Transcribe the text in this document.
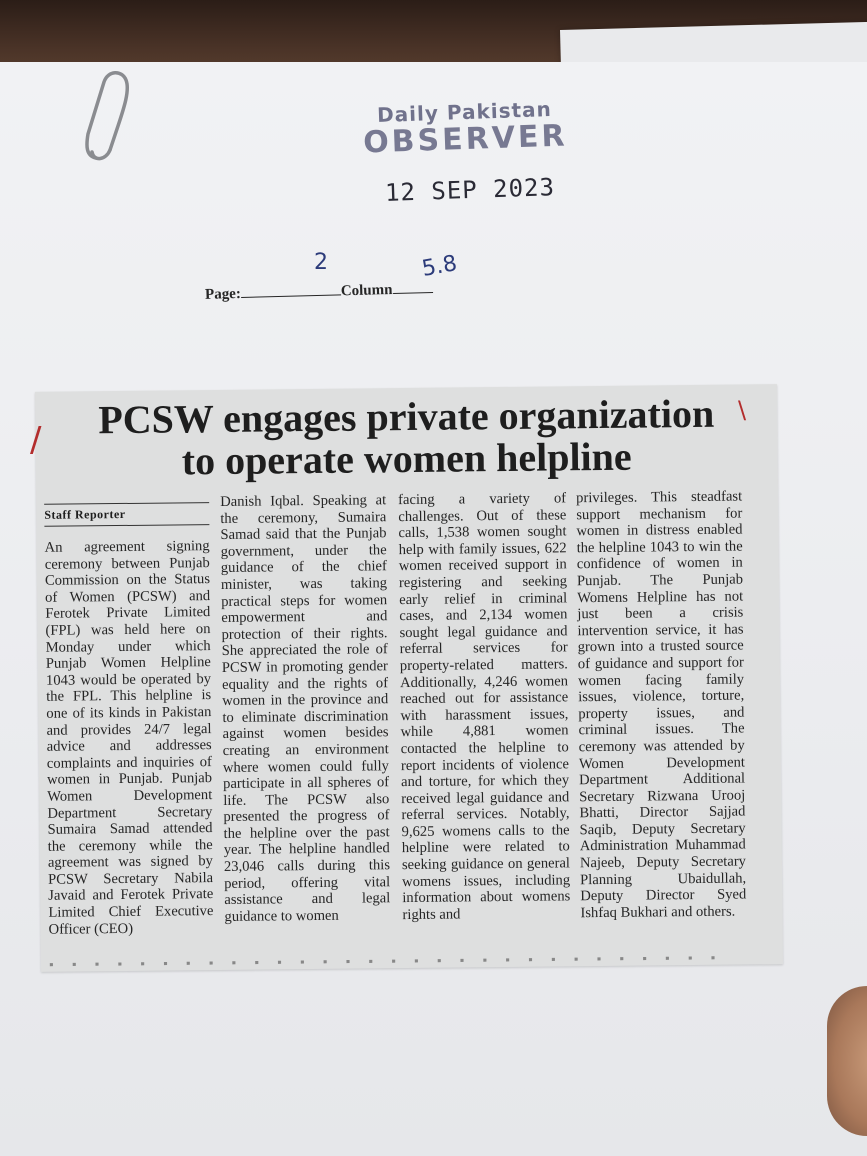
Daily Pakistan
OBSERVER
12 SEP 2023
Page:	Column
2	5.8
PCSW engages private organization
to operate women helpline
Staff Reporter
An agreement signing ceremony between Punjab Commission on the Status of Women (PCSW) and Ferotek Private Limited (FPL) was held here on Monday under which Punjab Women Helpline 1043 would be operated by the FPL. This helpline is one of its kinds in Pakistan and provides 24/7 legal advice and addresses complaints and inquiries of women in Punjab. Punjab Women Development Department Secretary Sumaira Samad attended the ceremony while the agreement was signed by PCSW Secretary Nabila Javaid and Ferotek Private Limited Chief Executive Officer (CEO)
Danish Iqbal. Speaking at the ceremony, Sumaira Samad said that the Punjab government, under the guidance of the chief minister, was taking practical steps for women empowerment and protection of their rights. She appreciated the role of PCSW in promoting gender equality and the rights of women in the province and to eliminate discrimination against women besides creating an environment where women could fully participate in all spheres of life. The PCSW also presented the progress of the helpline over the past year. The helpline handled 23,046 calls during this period, offering vital assistance and legal guidance to women
facing a variety of challenges. Out of these calls, 1,538 women sought help with family issues, 622 women received support in registering and seeking early relief in criminal cases, and 2,134 women sought legal guidance and referral services for property-related matters. Additionally, 4,246 women reached out for assistance with harassment issues, while 4,881 women contacted the helpline to report incidents of violence and torture, for which they received legal guidance and referral services. Notably, 9,625 womens calls to the helpline were related to seeking guidance on general womens issues, including information about womens rights and
privileges. This steadfast support mechanism for women in distress enabled the helpline 1043 to win the confidence of women in Punjab. The Punjab Womens Helpline has not just been a crisis intervention service, it has grown into a trusted source of guidance and support for women facing family issues, violence, torture, property issues, and criminal issues. The ceremony was attended by Women Development Department Additional Secretary Rizwana Urooj Bhatti, Director Sajjad Saqib, Deputy Secretary Administration Muhammad Najeeb, Deputy Secretary Planning Ubaidullah, Deputy Director Syed Ishfaq Bukhari and others.
▪▪▪▪▪▪▪▪▪▪▪▪▪▪▪▪▪▪▪▪▪▪▪▪▪▪▪▪▪▪
/
\
